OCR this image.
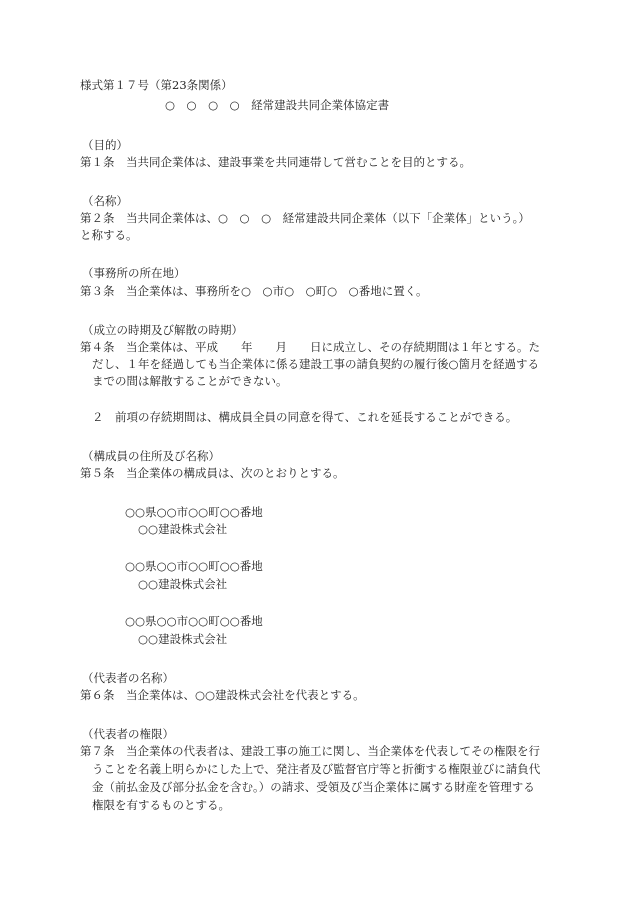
様式第１７号（第23条関係）
○　○　○　○　経常建設共同企業体協定書
（目的）
第１条　当共同企業体は、建設事業を共同連帯して営むことを目的とする。
（名称）
第２条　当共同企業体は、○　○　○　経常建設共同企業体（以下「企業体」という。）
と称する。
（事務所の所在地）
第３条　当企業体は、事務所を○　○市○　○町○　○番地に置く。
（成立の時期及び解散の時期）
第４条　当企業体は、平成　　年　　月　　日に成立し、その存続期間は１年とする。た
だし、１年を経過しても当企業体に係る建設工事の請負契約の履行後○箇月を経過する
までの間は解散することができない。
２　前項の存続期間は、構成員全員の同意を得て、これを延長することができる。
（構成員の住所及び名称）
第５条　当企業体の構成員は、次のとおりとする。
○○県○○市○○町○○番地
○○建設株式会社
○○県○○市○○町○○番地
○○建設株式会社
○○県○○市○○町○○番地
○○建設株式会社
（代表者の名称）
第６条　当企業体は、○○建設株式会社を代表とする。
（代表者の権限）
第７条　当企業体の代表者は、建設工事の施工に関し、当企業体を代表してその権限を行
うことを名義上明らかにした上で、発注者及び監督官庁等と折衝する権限並びに請負代
金（前払金及び部分払金を含む。）の請求、受領及び当企業体に属する財産を管理する
権限を有するものとする。
